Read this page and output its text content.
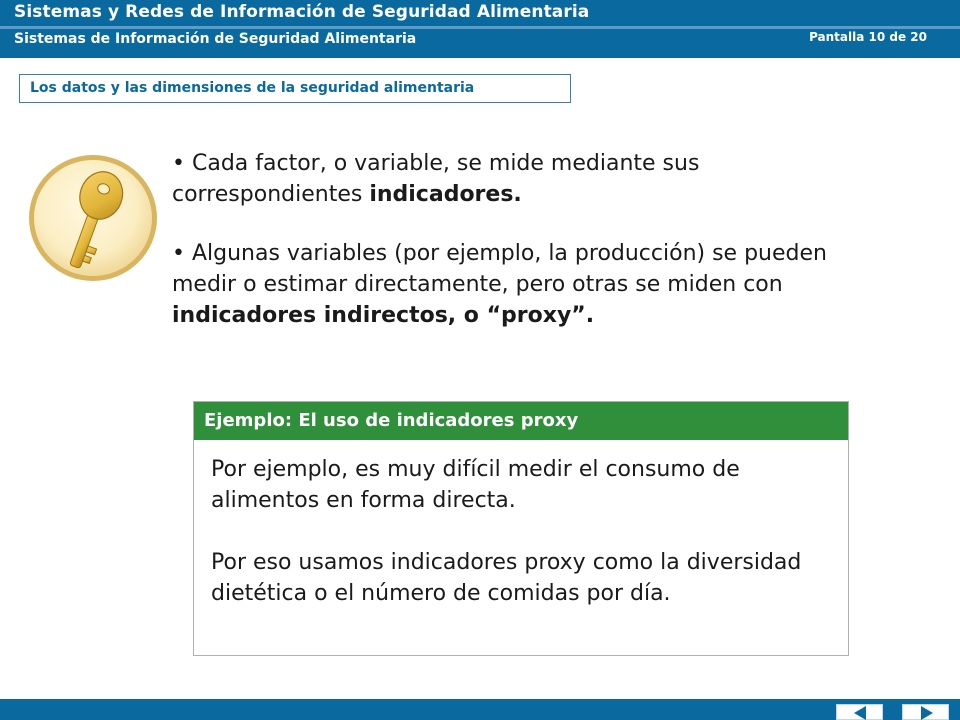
Sistemas y Redes de Información de Seguridad Alimentaria
Sistemas de Información de Seguridad Alimentaria	Pantalla 10 de 20
Los datos y las dimensiones de la seguridad alimentaria
• Cada factor, o variable, se mide mediante sus correspondientes indicadores.
• Algunas variables (por ejemplo, la producción) se pueden medir o estimar directamente, pero otras se miden con indicadores indirectos, o “proxy”.
Ejemplo: El uso de indicadores proxy

Por ejemplo, es muy difícil medir el consumo de alimentos en forma directa.

Por eso usamos indicadores proxy como la diversidad dietética o el número de comidas por día.
